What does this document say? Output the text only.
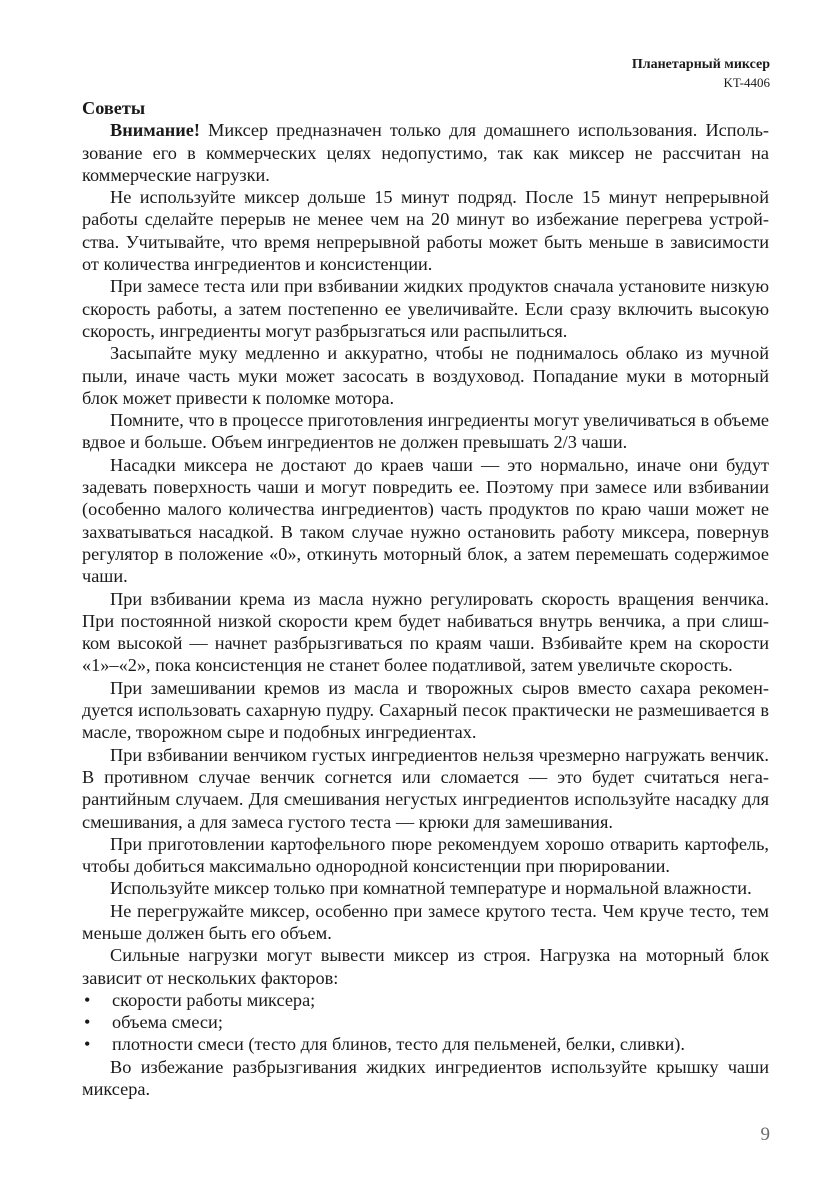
Планетарный миксер
KT-4406
Советы

Внимание! Миксер предназначен только для домашнего использования. Использование его в коммерческих целях недопустимо, так как миксер не рассчитан на коммерческие нагрузки.

Не используйте миксер дольше 15 минут подряд. После 15 минут непрерывной работы сделайте перерыв не менее чем на 20 минут во избежание перегрева устройства. Учитывайте, что время непрерывной работы может быть меньше в зависимости от количества ингредиентов и консистенции.

При замесе теста или при взбивании жидких продуктов сначала установите низкую скорость работы, а затем постепенно ее увеличивайте. Если сразу включить высокую скорость, ингредиенты могут разбрызгаться или распылиться.

Засыпайте муку медленно и аккуратно, чтобы не поднималось облако из мучной пыли, иначе часть муки может засосать в воздуховод. Попадание муки в моторный блок может привести к поломке мотора.

Помните, что в процессе приготовления ингредиенты могут увеличиваться в объеме вдвое и больше. Объем ингредиентов не должен превышать 2/3 чаши.

Насадки миксера не достают до краев чаши — это нормально, иначе они будут задевать поверхность чаши и могут повредить ее. Поэтому при замесе или взбивании (особенно малого количества ингредиентов) часть продуктов по краю чаши может не захватываться насадкой. В таком случае нужно остановить работу миксера, повернув регулятор в положение «0», откинуть моторный блок, а затем перемешать содержимое чаши.

При взбивании крема из масла нужно регулировать скорость вращения венчика. При постоянной низкой скорости крем будет набиваться внутрь венчика, а при слишком высокой — начнет разбрызгиваться по краям чаши. Взбивайте крем на скорости «1»–«2», пока консистенция не станет более податливой, затем увеличьте скорость.

При замешивании кремов из масла и творожных сыров вместо сахара рекомендуется использовать сахарную пудру. Сахарный песок практически не размешивается в масле, творожном сыре и подобных ингредиентах.

При взбивании венчиком густых ингредиентов нельзя чрезмерно нагружать венчик. В противном случае венчик согнется или сломается — это будет считаться негарантийным случаем. Для смешивания негустых ингредиентов используйте насадку для смешивания, а для замеса густого теста — крюки для замешивания.

При приготовлении картофельного пюре рекомендуем хорошо отварить картофель, чтобы добиться максимально однородной консистенции при пюрировании.

Используйте миксер только при комнатной температуре и нормальной влажности.

Не перегружайте миксер, особенно при замесе крутого теста. Чем круче тесто, тем меньше должен быть его объем.

Сильные нагрузки могут вывести миксер из строя. Нагрузка на моторный блок зависит от нескольких факторов:

• скорости работы миксера;
• объема смеси;
• плотности смеси (тесто для блинов, тесто для пельменей, белки, сливки).

Во избежание разбрызгивания жидких ингредиентов используйте крышку чаши миксера.

9
